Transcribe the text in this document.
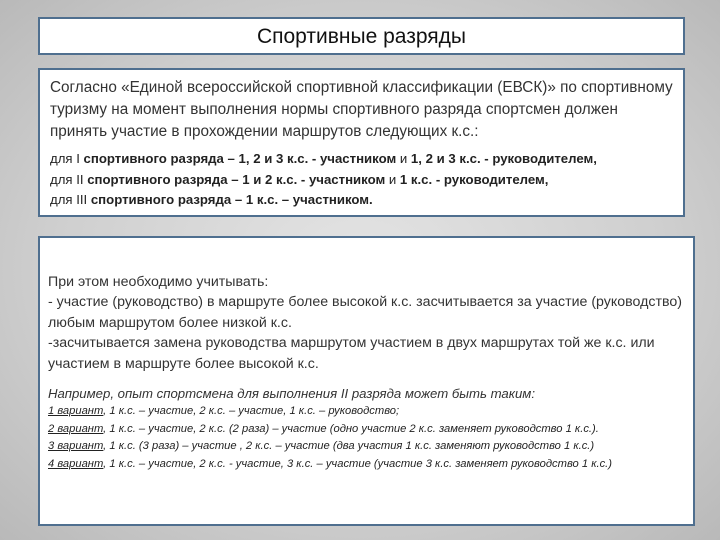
Спортивные разряды

Согласно «Единой всероссийской спортивной классификации (ЕВСК)» по спортивному туризму на момент выполнения нормы спортивного разряда спортсмен должен принять участие в прохождении маршрутов следующих к.с.:

для I спортивного разряда – 1, 2 и 3 к.с. - участником и 1, 2 и 3 к.с. - руководителем,
для II спортивного разряда – 1 и 2 к.с. - участником и 1 к.с. - руководителем,
для III спортивного разряда – 1 к.с. – участником.

При этом необходимо учитывать:
- участие (руководство) в маршруте более высокой к.с. засчитывается за участие (руководство) любым маршрутом более низкой к.с.
-засчитывается замена руководства маршрутом участием в двух маршрутах той же к.с. или участием в маршруте более высокой к.с.

Например, опыт спортсмена для выполнения II разряда может быть таким:
1 вариант, 1 к.с. – участие, 2 к.с. – участие, 1 к.с. – руководство;
2 вариант, 1 к.с. – участие, 2 к.с. (2 раза) – участие (одно участие 2 к.с. заменяет руководство 1 к.с.).
3 вариант, 1 к.с. (3 раза) – участие , 2 к.с. – участие (два участия 1 к.с. заменяют руководство 1 к.с.)
4 вариант, 1 к.с. – участие, 2 к.с. - участие, 3 к.с. – участие (участие 3 к.с. заменяет руководство 1 к.с.)
